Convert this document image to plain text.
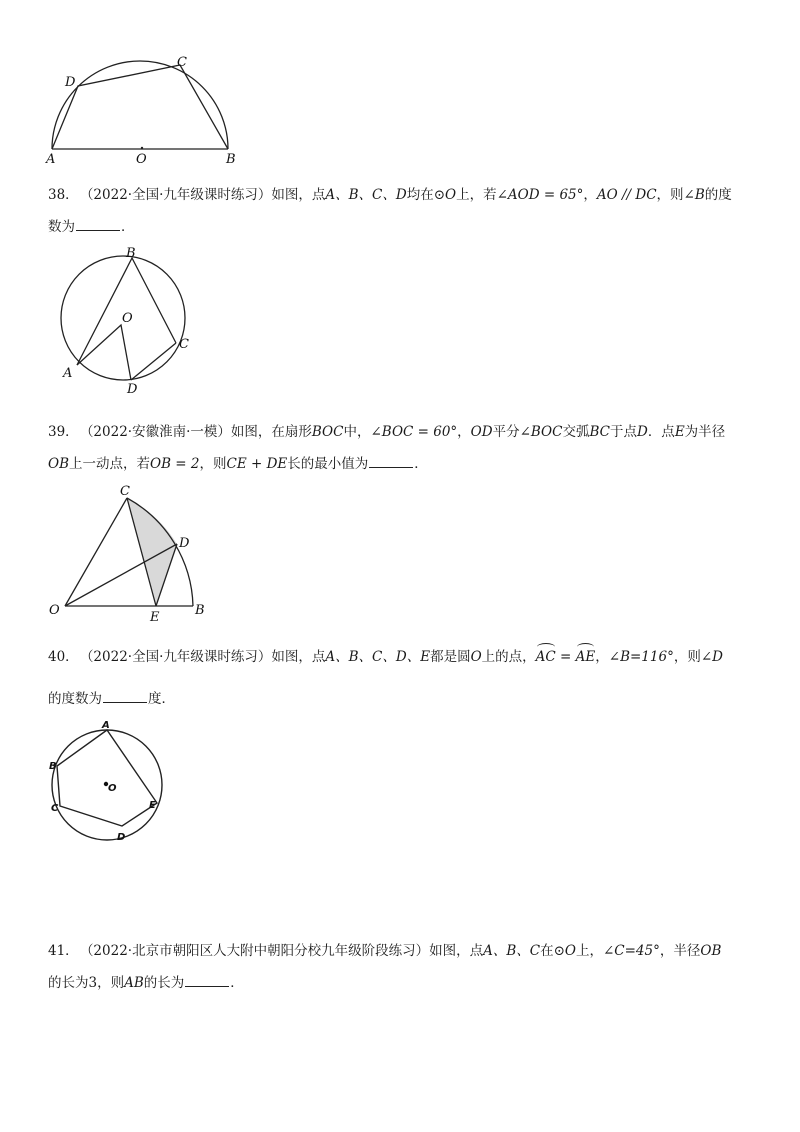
A	O	B
C
D
38． （2022·全国·九年级课时练习）如图，点A、B、C、D均在⊙O上，若∠AOD = 65°，AO // DC，则∠B的度
数为	．
B
O
A
C
D
39． （2022·安徽淮南·一模）如图，在扇形BOC中，∠BOC = 60°，OD平分∠BOC交弧BC于点D．点E为半径
OB上一动点，若OB = 2，则CE + DE长的最小值为	．
C
D
O	E	B
40． （2022·全国·九年级课时练习）如图，点A、B、C、D、E都是圆O上的点，AC = AE，∠B=116°，则∠D
的度数为	度．
A
B
C
D
E
O
41． （2022·北京市朝阳区人大附中朝阳分校九年级阶段练习）如图，点A、B、C在⊙O上，∠C=45°，半径OB
的长为3，则AB的长为	．
